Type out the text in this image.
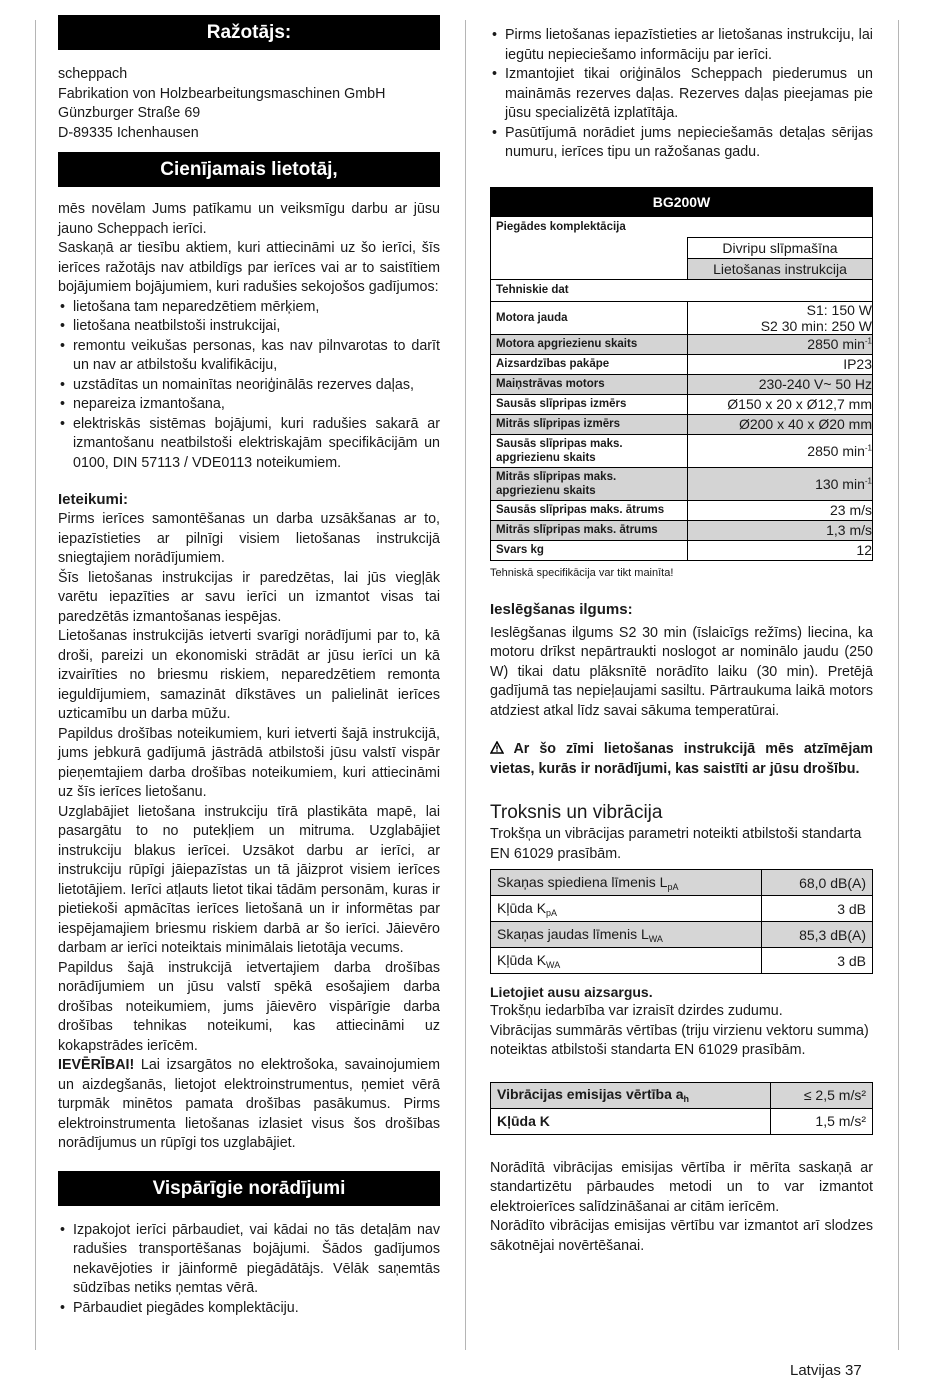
Ražotājs:
scheppach
Fabrikation von Holzbearbeitungsmaschinen GmbH
Günzburger Straße 69
D-89335 Ichenhausen
Cienījamais lietotāj,
mēs novēlam Jums patīkamu un veiksmīgu darbu ar jūsu jauno Scheppach ierīci.
Saskaņā ar tiesību aktiem, kuri attiecināmi uz šo ierīci, šīs ierīces ražotājs nav atbildīgs par ierīces vai ar to saistītiem bojājumiem bojājumiem, kuri radušies sekojošos gadījumos:
• lietošana tam neparedzētiem mērķiem,
• lietošana neatbilstoši instrukcijai,
• remontu veikušas personas, kas nav pilnvarotas to darīt un nav ar atbilstošu kvalifikāciju,
• uzstādītas un nomainītas neoriģinālās rezerves daļas,
• nepareiza izmantošana,
• elektriskās sistēmas bojājumi, kuri radušies sakarā ar izmantošanu neatbilstoši elektriskajām specifikācijām un 0100, DIN 57113 / VDE0113 noteikumiem.
Ieteikumi:
Pirms ierīces samontēšanas un darba uzsākšanas ar to, iepazīstieties ar pilnīgi visiem lietošanas instrukcijā sniegtajiem norādījumiem.
Šīs lietošanas instrukcijas ir paredzētas, lai jūs viegļāk varētu iepazīties ar savu ierīci un izmantot visas tai paredzētās izmantošanas iespējas.
Lietošanas instrukcijās ietverti svarīgi norādījumi par to, kā droši, pareizi un ekonomiski strādāt ar jūsu ierīci un kā izvairīties no briesmu riskiem, neparedzētiem remonta ieguldījumiem, samazināt dīkstāves un palielināt ierīces uzticamību un darba mūžu.
Papildus drošības noteikumiem, kuri ietverti šajā instrukcijā, jums jebkurā gadījumā jāstrādā atbilstoši jūsu valstī vispār pieņemtajiem darba drošības noteikumiem, kuri attiecināmi uz šīs ierīces lietošanu.
Uzglabājiet lietošana instrukciju tīrā plastikāta mapē, lai pasargātu to no putekļiem un mitruma. Uzglabājiet instrukciju blakus ierīcei. Uzsākot darbu ar ierīci, ar instrukciju rūpīgi jāiepazīstas un tā jāizprot visiem ierīces lietotājiem. Ierīci atļauts lietot tikai tādām personām, kuras ir pietiekoši apmācītas ierīces lietošanā un ir informētas par iespējamajiem briesmu riskiem darbā ar šo ierīci. Jāievēro darbam ar ierīci noteiktais minimālais lietotāja vecums.
Papildus šajā instrukcijā ietvertajiem darba drošības norādījumiem un jūsu valstī spēkā esošajiem darba drošības noteikumiem, jums jāievēro vispārīgie darba drošības tehnikas noteikumi, kas attiecināmi uz kokapstrādes ierīcēm.
IEVĒRĪBAI! Lai izsargātos no elektrošoka, savainojumiem un aizdegšanās, lietojot elektroinstrumentus, ņemiet vērā turpmāk minētos pamata drošības pasākumus. Pirms elektroinstrumenta lietošanas izlasiet visus šos drošības norādījumus un rūpīgi tos uzglabājiet.
Vispārīgie norādījumi
• Izpakojot ierīci pārbaudiet, vai kādai no tās detaļām nav radušies transportēšanas bojājumi. Šādos gadījumos nekavējoties ir jāinformē piegādātājs. Vēlāk saņemtās sūdzības netiks ņemtas vērā.
• Pārbaudiet piegādes komplektāciju.
• Pirms lietošanas iepazīstieties ar lietošanas instrukciju, lai iegūtu nepieciešamo informāciju par ierīci.
• Izmantojiet tikai oriģinālos Scheppach piederumus un maināmās rezerves daļas. Rezerves daļas pieejamas pie jūsu specializētā izplatītāja.
• Pasūtījumā norādiet jums nepieciešamās detaļas sērijas numuru, ierīces tipu un ražošanas gadu.
BG200W	
Piegādes komplektācija	
	Divripu slīpmašīna
	Lietošanas instrukcija
Tehniskie dat	
Motora jauda	S1: 150 W
S2 30 min: 250 W
Motora apgriezienu skaits	2850 $\min^{-1}$
Aizsardzības pakāpe	IP23
Maiņstrāvas motors	230-240 V~ 50 Hz
Sausās slīpripas izmērs	Ø150 x 20 x Ø12,7 mm
Mitrās slīpripas izmērs	Ø200 x 40 x Ø20 mm
Sausās slīpripas maks. apgriezienu skaits	2850 $\min^{-1}$
Mitrās slīpripas maks. apgriezienu skaits	130 $\min^{-1}$
Sausās slīpripas maks. ātrums	23 m/s
Mitrās slīpripas maks. ātrums	1,3 m/s
Svars kg	12
Tehniskā specifikācija var tikt mainīta!
Ieslēgšanas ilgums:
Ieslēgšanas ilgums S2 30 min (īslaicīgs režīms) liecina, ka motoru drīkst nepārtraukti noslogot ar nominālo jaudu (250 W) tikai datu plāksnītē norādīto laiku (30 min). Pretējā gadījumā tas nepieļaujami sasiltu. Pārtraukuma laikā motors atdziest atkal līdz savai sākuma temperatūrai.
Ar šo zīmi lietošanas instrukcijā mēs atzīmējam vietas, kurās ir norādījumi, kas saistīti ar jūsu drošību.
Troksnis un vibrācija
Trokšņa un vibrācijas parametri noteikti atbilstoši standarta EN 61029 prasībām.
Skaņas spiediena līmenis $L_{pA}$	68,0 dB(A)
Kļūda $K_{pA}$	3 dB
Skaņas jaudas līmenis $L_{WA}$	85,3 dB(A)
Kļūda $K_{WA}$	3 dB
Lietojiet ausu aizsargus.
Trokšņu iedarbība var izraisīt dzirdes zudumu.
Vibrācijas summārās vērtības (triju virzienu vektoru summa) noteiktas atbilstoši standarta EN 61029 prasībām.
Vibrācijas emisijas vērtība $a_h$	≤ 2,5 m/s²
Kļūda K	1,5 m/s²
Norādītā vibrācijas emisijas vērtība ir mērīta saskaņā ar standartizētu pārbaudes metodi un to var izmantot elektroierīces salīdzināšanai ar citām ierīcēm.
Norādīto vibrācijas emisijas vērtību var izmantot arī slodzes sākotnējai novērtēšanai.
Latvijas 37
